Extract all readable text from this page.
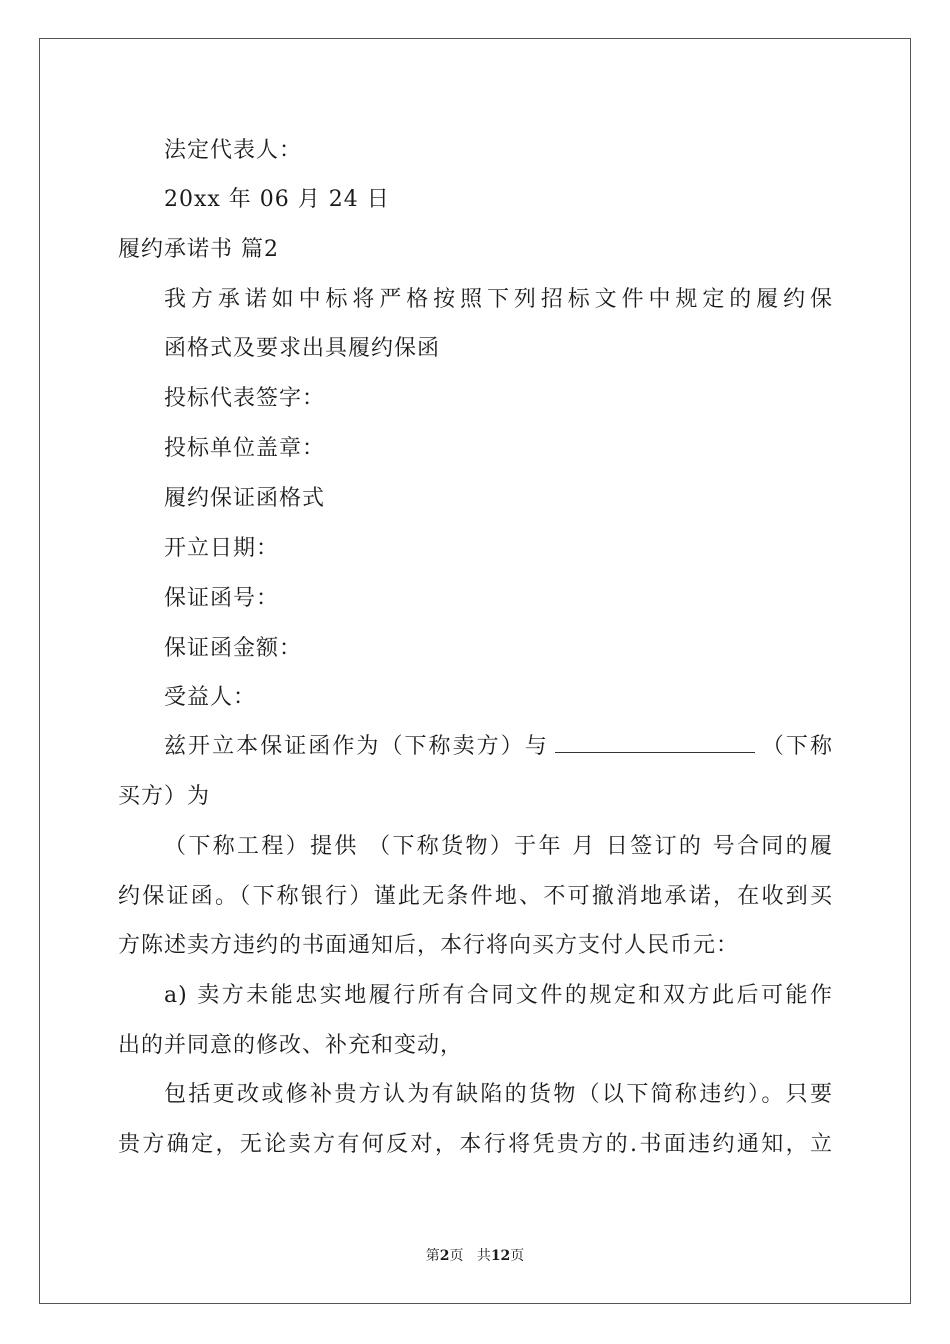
法定代表人：
20xx 年 06 月 24 日
履约承诺书 篇2
我方承诺如中标将严格按照下列招标文件中规定的履约保
函格式及要求出具履约保函
投标代表签字：
投标单位盖章：
履约保证函格式
开立日期：
保证函号：
保证函金额：
受益人：
兹开立本保证函作为（下称卖方）与	（下称
买方）为
（下称工程）提供 （下称货物）于年 月 日签订的 号合同的履
约保证函。（下称银行）谨此无条件地、不可撤消地承诺，在收到买
方陈述卖方违约的书面通知后，本行将向买方支付人民币元：
a) 卖方未能忠实地履行所有合同文件的规定和双方此后可能作
出的并同意的修改、补充和变动，
包括更改或修补贵方认为有缺陷的货物（以下简称违约）。只要
贵方确定，无论卖方有何反对，本行将凭贵方的.书面违约通知，立
第2页 共12页
